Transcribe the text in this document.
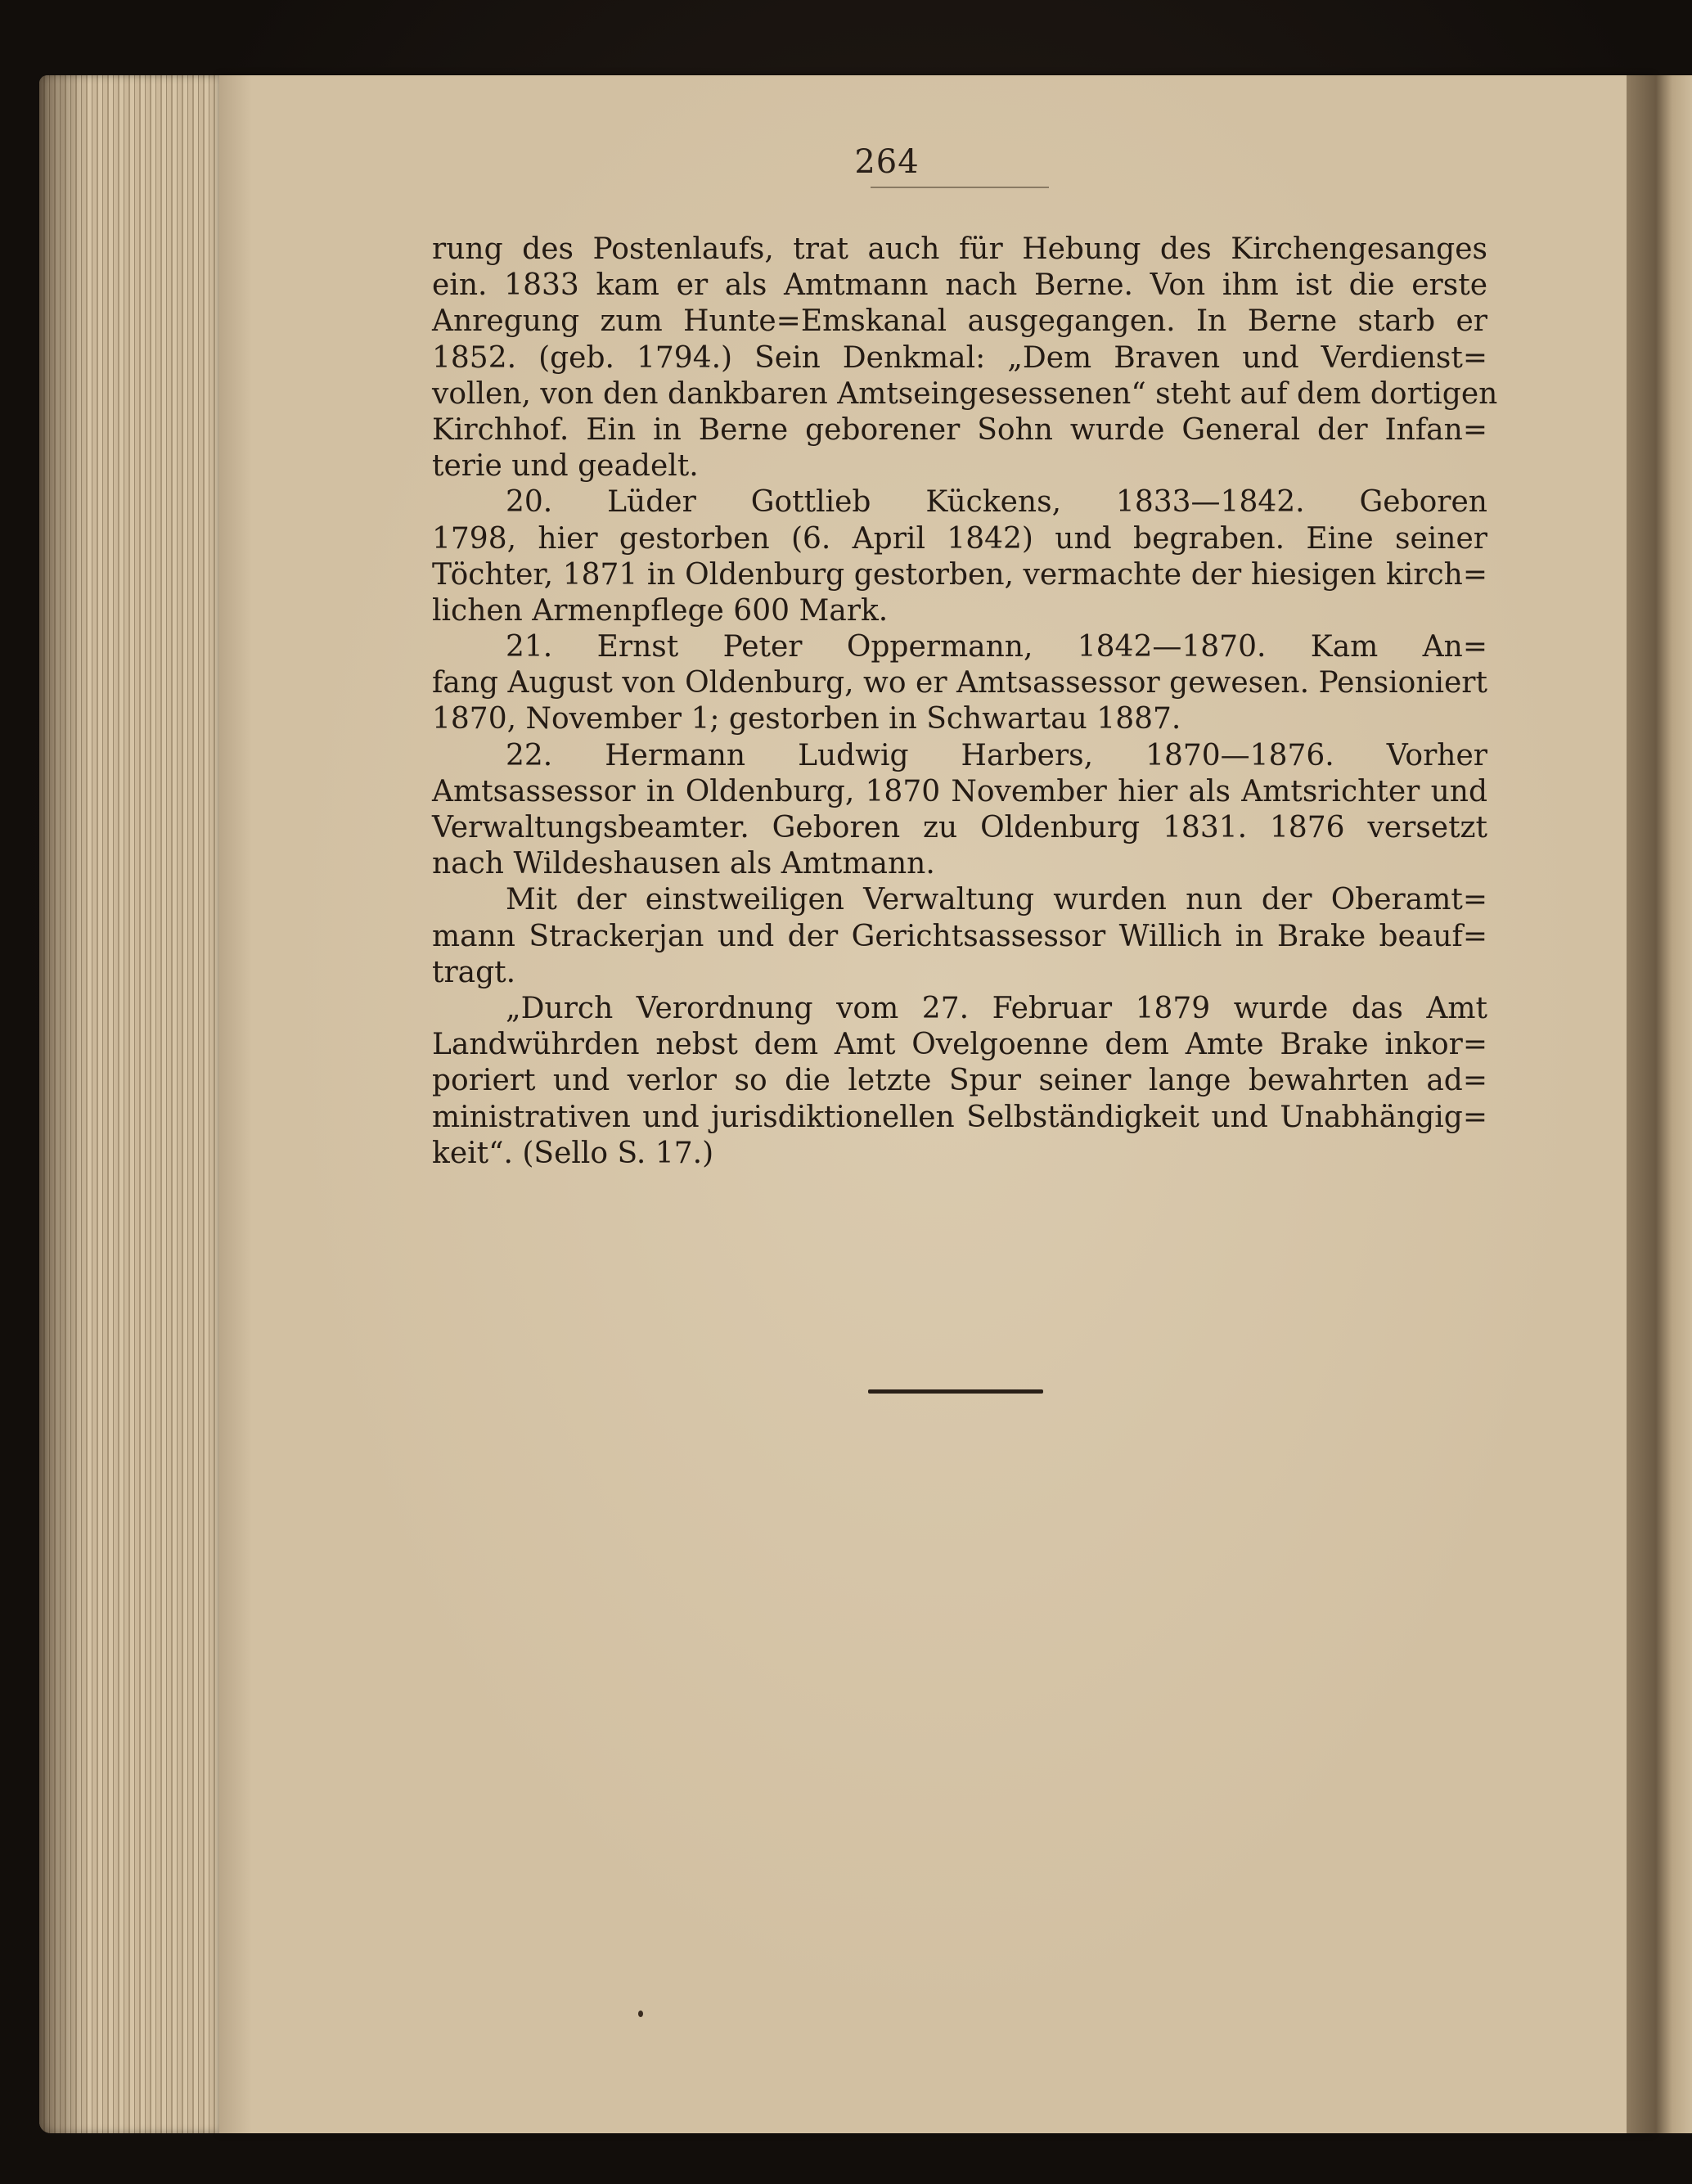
264
rung des Postenlaufs, trat auch für Hebung des Kirchengesanges
ein. 1833 kam er als Amtmann nach Berne. Von ihm ist die erste
Anregung zum Hunte=Emskanal ausgegangen. In Berne starb er
1852. (geb. 1794.) Sein Denkmal: „Dem Braven und Verdienst=
vollen, von den dankbaren Amtseingesessenen“ steht auf dem dortigen
Kirchhof. Ein in Berne geborener Sohn wurde General der Infan=
terie und geadelt.
20. Lüder Gottlieb Kückens, 1833—1842. Geboren
1798, hier gestorben (6. April 1842) und begraben. Eine seiner
Töchter, 1871 in Oldenburg gestorben, vermachte der hiesigen kirch=
lichen Armenpflege 600 Mark.
21. Ernst Peter Oppermann, 1842—1870. Kam An=
fang August von Oldenburg, wo er Amtsassessor gewesen. Pensioniert
1870, November 1; gestorben in Schwartau 1887.
22. Hermann Ludwig Harbers, 1870—1876. Vorher
Amtsassessor in Oldenburg, 1870 November hier als Amtsrichter und
Verwaltungsbeamter. Geboren zu Oldenburg 1831. 1876 versetzt
nach Wildeshausen als Amtmann.
Mit der einstweiligen Verwaltung wurden nun der Oberamt=
mann Strackerjan und der Gerichtsassessor Willich in Brake beauf=
tragt.
„Durch Verordnung vom 27. Februar 1879 wurde das Amt
Landwührden nebst dem Amt Ovelgoenne dem Amte Brake inkor=
poriert und verlor so die letzte Spur seiner lange bewahrten ad=
ministrativen und jurisdiktionellen Selbständigkeit und Unabhängig=
keit“. (Sello S. 17.)
